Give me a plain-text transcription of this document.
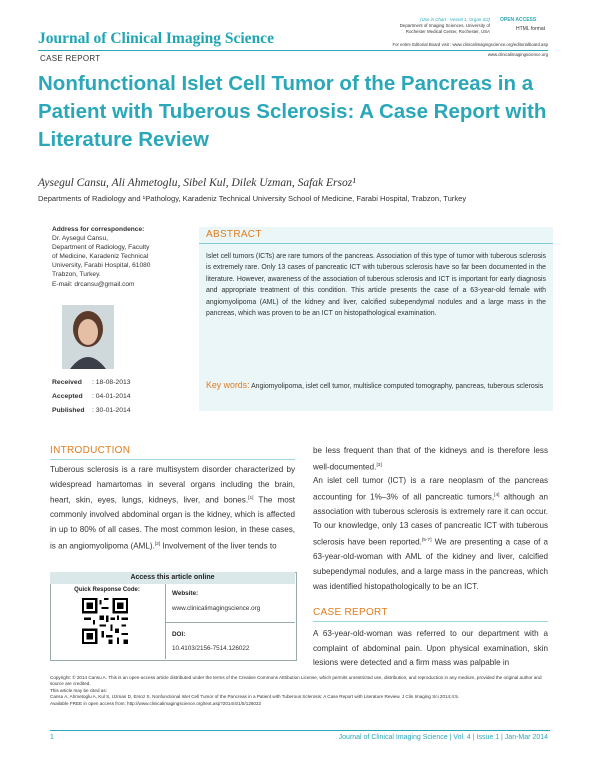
Journal of Clinical Imaging Science
CASE REPORT
(Use in Chart - Vessel 1; Organ 4/2)
Department of Imaging Sciences, University of
Rochester Medical Center, Rochester, USA
OPEN ACCESS
HTML format
For entire Editorial Board visit : www.clinicalimagingscience.org/editorialboard.asp
www.clinicalimagingscience.org
Nonfunctional Islet Cell Tumor of the Pancreas in a Patient with Tuberous Sclerosis: A Case Report with Literature Review
Aysegul Cansu, Ali Ahmetoglu, Sibel Kul, Dilek Uzman, Safak Ersoz¹
Departments of Radiology and ¹Pathology, Karadeniz Technical University School of Medicine, Farabi Hospital, Trabzon, Turkey
Address for correspondence:
Dr. Aysegul Cansu,
Department of Radiology, Faculty
of Medicine, Karadeniz Technical
University, Farabi Hospital, 61080
Trabzon, Turkey.
E-mail: drcansu@gmail.com
Received : 18-08-2013
Accepted : 04-01-2014
Published : 30-01-2014
ABSTRACT
Islet cell tumors (ICTs) are rare tumors of the pancreas. Association of this type of tumor with tuberous sclerosis is extremely rare. Only 13 cases of pancreatic ICT with tuberous sclerosis have so far been documented in the literature. However, awareness of the association of tuberous sclerosis and ICT is important for early diagnosis and appropriate treatment of this condition. This article presents the case of a 63-year-old female with angiomyolipoma (AML) of the kidney and liver, calcified subependymal nodules and a large mass in the pancreas, which was proven to be an ICT on histopathological examination.
Key words: Angiomyolipoma, islet cell tumor, multislice computed tomography, pancreas, tuberous sclerosis
INTRODUCTION
Tuberous sclerosis is a rare multisystem disorder characterized by widespread hamartomas in several organs including the brain, heart, skin, eyes, lungs, kidneys, liver, and bones.[1] The most commonly involved abdominal organ is the kidney, which is affected in up to 80% of all cases. The most common lesion, in these cases, is an angiomyolipoma (AML).[2] Involvement of the liver tends to
be less frequent than that of the kidneys and is therefore less well-documented.[3]
An islet cell tumor (ICT) is a rare neoplasm of the pancreas accounting for 1%–3% of all pancreatic tumors,[4] although an association with tuberous sclerosis is extremely rare it can occur. To our knowledge, only 13 cases of pancreatic ICT with tuberous sclerosis have been reported.[5-7] We are presenting a case of a 63-year-old-woman with AML of the kidney and liver, calcified subependymal nodules, and a large mass in the pancreas, which was identified histopathologically to be an ICT.
CASE REPORT
A 63-year-old-woman was referred to our department with a complaint of abdominal pain. Upon physical examination, skin lesions were detected and a firm mass was palpable in
Access this article online
Quick Response Code:	Website:
www.clinicalimagingscience.org
DOI:
10.4103/2156-7514.126022
Copyright: © 2014 Cansu A. This is an open-access article distributed under the terms of the Creative Commons Attribution License, which permits unrestricted use, distribution, and reproduction in any medium, provided the original author and source are credited.
This article may be cited as:
Cansu A, Ahmetoglu A, Kul S, Uzman D, Ersoz S. Nonfunctional Islet Cell Tumor of the Pancreas in a Patient with Tuberous Sclerosis: A Case Report with Literature Review. J Clin Imaging Sci 2014;4:5.
Available FREE in open access from: http://www.clinicalimagingscience.org/text.asp?2014/4/1/5/126022
1	Journal of Clinical Imaging Science | Vol. 4 | Issue 1 | Jan-Mar 2014
